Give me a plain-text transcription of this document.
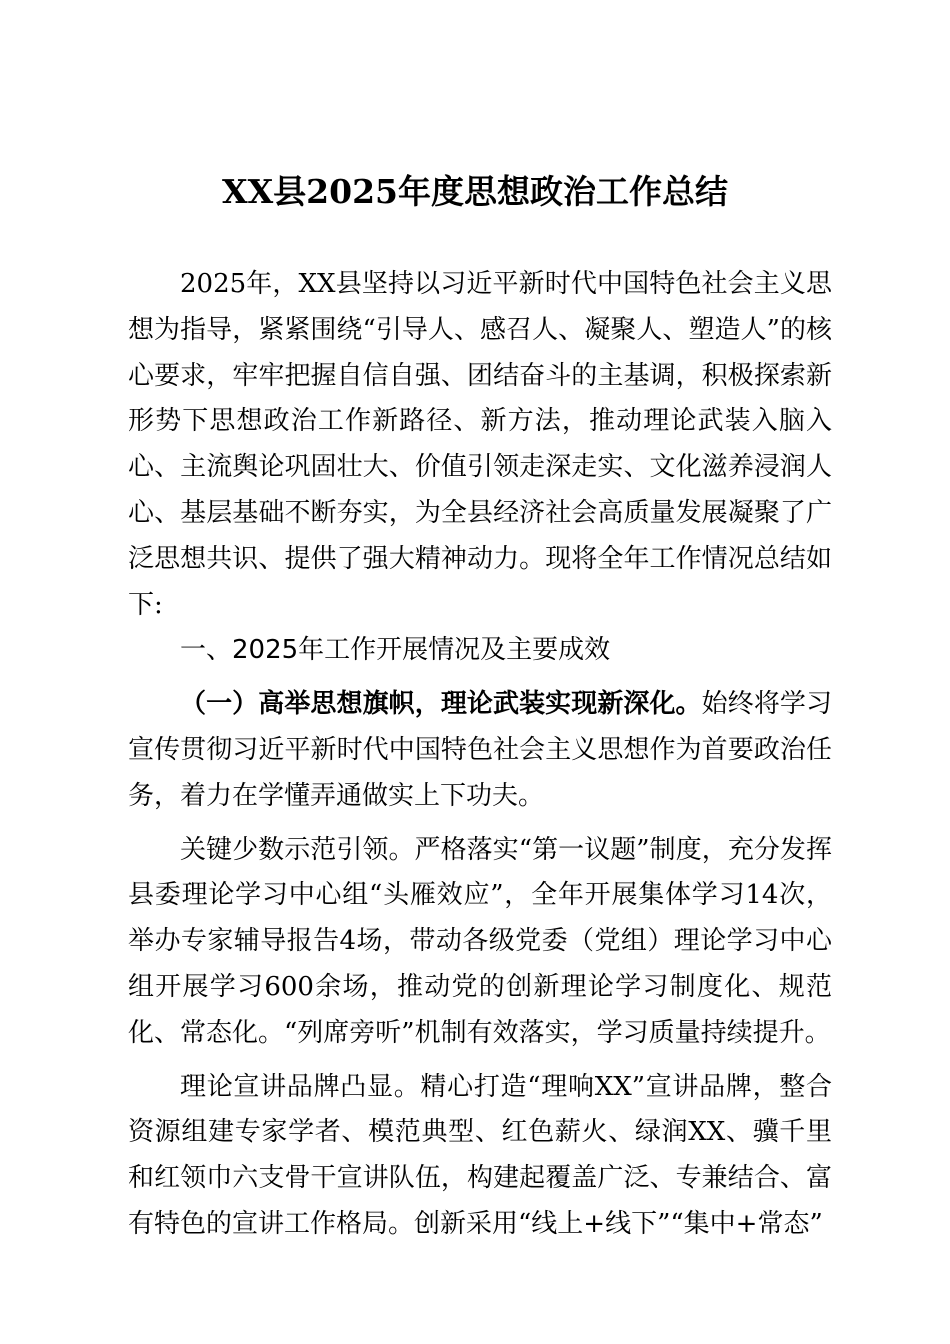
XX县2025年度思想政治工作总结

2025年，XX县坚持以习近平新时代中国特色社会主义思想为指导，紧紧围绕“引导人、感召人、凝聚人、塑造人”的核心要求，牢牢把握自信自强、团结奋斗的主基调，积极探索新形势下思想政治工作新路径、新方法，推动理论武装入脑入心、主流舆论巩固壮大、价值引领走深走实、文化滋养浸润人心、基层基础不断夯实，为全县经济社会高质量发展凝聚了广泛思想共识、提供了强大精神动力。现将全年工作情况总结如下:

一、2025年工作开展情况及主要成效

（一）高举思想旗帜，理论武装实现新深化。始终将学习宣传贯彻习近平新时代中国特色社会主义思想作为首要政治任务，着力在学懂弄通做实上下功夫。

关键少数示范引领。严格落实“第一议题”制度，充分发挥县委理论学习中心组“头雁效应”，全年开展集体学习14次，举办专家辅导报告4场，带动各级党委（党组）理论学习中心组开展学习600余场，推动党的创新理论学习制度化、规范化、常态化。“列席旁听”机制有效落实，学习质量持续提升。

理论宣讲品牌凸显。精心打造“理响XX”宣讲品牌，整合资源组建专家学者、模范典型、红色薪火、绿润XX、骥千里和红领巾六支骨干宣讲队伍，构建起覆盖广泛、专兼结合、富有特色的宣讲工作格局。创新采用“线上+线下”“集中+常态”
